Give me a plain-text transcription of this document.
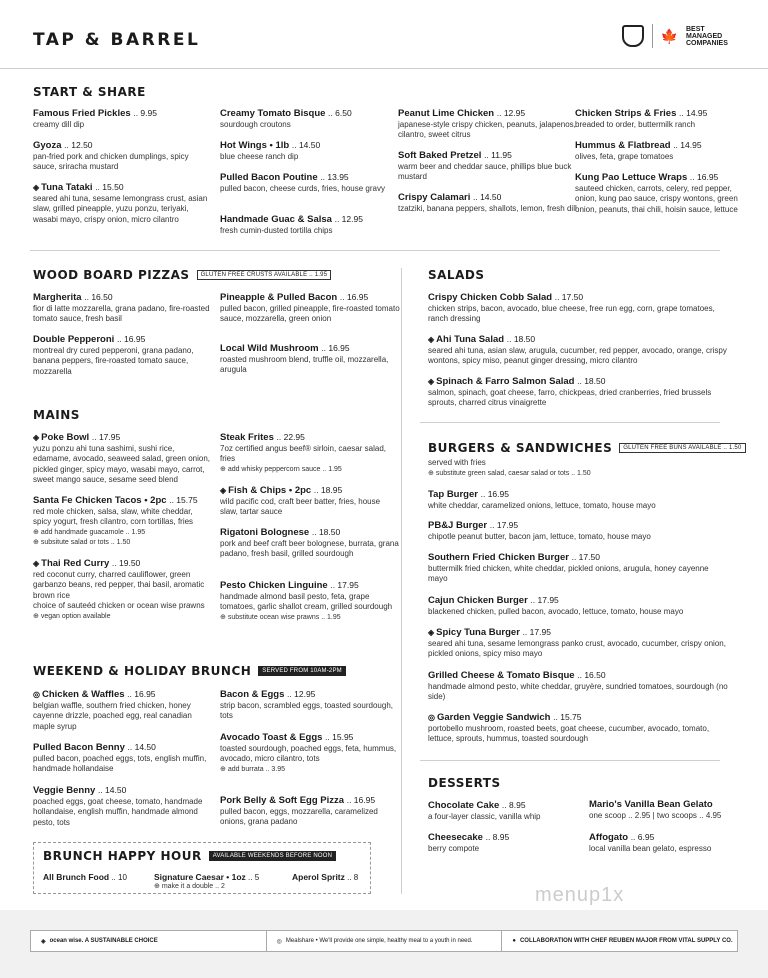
TAP & BARREL	🍁 BEST MANAGED COMPANIES
START & SHARE
Famous Fried Pickles .. 9.95
creamy dill dip
Gyoza .. 12.50
pan-fried pork and chicken dumplings, spicy sauce, sriracha mustard
◈ Tuna Tataki .. 15.50
seared ahi tuna, sesame lemongrass crust, asian slaw, grilled pineapple, yuzu ponzu, teriyaki, wasabi mayo, crispy onion, micro cilantro
Creamy Tomato Bisque .. 6.50
sourdough croutons
Hot Wings • 1lb .. 14.50
blue cheese ranch dip
Pulled Bacon Poutine .. 13.95
pulled bacon, cheese curds, fries, house gravy
Handmade Guac & Salsa .. 12.95
fresh cumin-dusted tortilla chips
Peanut Lime Chicken .. 12.95
japanese-style crispy chicken, peanuts, jalapenos, cilantro, sweet citrus
Soft Baked Pretzel .. 11.95
warm beer and cheddar sauce, phillips blue buck mustard
Crispy Calamari .. 14.50
tzatziki, banana peppers, shallots, lemon, fresh dill
Chicken Strips & Fries .. 14.95
breaded to order, buttermilk ranch
Hummus & Flatbread .. 14.95
olives, feta, grape tomatoes
Kung Pao Lettuce Wraps .. 16.95
sauteed chicken, carrots, celery, red pepper, onion, kung pao sauce, crispy wontons, green onion, peanuts, thai chili, hoisin sauce, lettuce
WOOD BOARD PIZZAS	GLUTEN FREE CRUSTS AVAILABLE .. 1.95
Margherita .. 16.50
fior di latte mozzarella, grana padano, fire-roasted tomato sauce, fresh basil
Double Pepperoni .. 16.95
montreal dry cured pepperoni, grana padano, banana peppers, fire-roasted tomato sauce, mozzarella
Pineapple & Pulled Bacon .. 16.95
pulled bacon, grilled pineapple, fire-roasted tomato sauce, mozzarella, green onion
Local Wild Mushroom .. 16.95
roasted mushroom blend, truffle oil, mozzarella, arugula
MAINS
◈ Poke Bowl .. 17.95
yuzu ponzu ahi tuna sashimi, sushi rice, edamame, avocado, seaweed salad, green onion, pickled ginger, spicy mayo, wasabi mayo, carrot, sweet mango sauce, sesame seed blend
Santa Fe Chicken Tacos • 2pc .. 15.75
red mole chicken, salsa, slaw, white cheddar, spicy yogurt, fresh cilantro, corn tortillas, fries
⊕ add handmade guacamole .. 1.95
⊕ subsitute salad or tots .. 1.50
◈ Thai Red Curry .. 19.50
red coconut curry, charred cauliflower, green garbanzo beans, red pepper, thai basil, aromatic brown rice
choice of sauteéd chicken or ocean wise prawns
⊕ vegan option available
Steak Frites .. 22.95
7oz certified angus beef® sirloin, caesar salad, fries
⊕ add whisky peppercorn sauce .. 1.95
◈ Fish & Chips • 2pc .. 18.95
wild pacific cod, craft beer batter, fries, house slaw, tartar sauce
Rigatoni Bolognese .. 18.50
pork and beef craft beer bolognese, burrata, grana padano, fresh basil, grilled sourdough
Pesto Chicken Linguine .. 17.95
handmade almond basil pesto, feta, grape tomatoes, garlic shallot cream, grilled sourdough
⊕ substitute ocean wise prawns .. 1.95
WEEKEND & HOLIDAY BRUNCH	SERVED FROM 10AM-2PM
◎ Chicken & Waffles .. 16.95
belgian waffle, southern fried chicken, honey cayenne drizzle, poached egg, real canadian maple syrup
Pulled Bacon Benny .. 14.50
pulled bacon, poached eggs, tots, english muffin, handmade hollandaise
Veggie Benny .. 14.50
poached eggs, goat cheese, tomato, handmade hollandaise, english muffin, handmade almond pesto, tots
Bacon & Eggs .. 12.95
strip bacon, scrambled eggs, toasted sourdough, tots
Avocado Toast & Eggs .. 15.95
toasted sourdough, poached eggs, feta, hummus, avocado, micro cilantro, tots
⊕ add burrata .. 3.95
Pork Belly & Soft Egg Pizza .. 16.95
pulled bacon, eggs, mozzarella, caramelized onions, grana padano
BRUNCH HAPPY HOUR	AVAILABLE WEEKENDS BEFORE NOON
All Brunch Food .. 10	Signature Caesar • 1oz .. 5
⊕ make it a double .. 2
Aperol Spritz .. 8
SALADS
Crispy Chicken Cobb Salad .. 17.50
chicken strips, bacon, avocado, blue cheese, free run egg, corn, grape tomatoes, ranch dressing
◈ Ahi Tuna Salad .. 18.50
seared ahi tuna, asian slaw, arugula, cucumber, red pepper, avocado, orange, crispy wontons, spicy miso, peanut ginger dressing, micro cilantro
◈ Spinach & Farro Salmon Salad .. 18.50
salmon, spinach, goat cheese, farro, chickpeas, dried cranberries, fried brussels sprouts, charred citrus vinaigrette
BURGERS & SANDWICHES	GLUTEN FREE BUNS AVAILABLE .. 1.50
served with fries
⊕ substitute green salad, caesar salad or tots .. 1.50
Tap Burger .. 16.95
white cheddar, caramelized onions, lettuce, tomato, house mayo
PB&J Burger .. 17.95
chipotle peanut butter, bacon jam, lettuce, tomato, house mayo
Southern Fried Chicken Burger .. 17.50
buttermilk fried chicken, white cheddar, pickled onions, arugula, honey cayenne mayo
Cajun Chicken Burger .. 17.95
blackened chicken, pulled bacon, avocado, lettuce, tomato, house mayo
◈ Spicy Tuna Burger .. 17.95
seared ahi tuna, sesame lemongrass panko crust, avocado, cucumber, crispy onion, pickled onions, spicy miso mayo
Grilled Cheese & Tomato Bisque .. 16.50
handmade almond pesto, white cheddar, gruyère, sundried tomatoes, sourdough (no side)
◎ Garden Veggie Sandwich .. 15.75
portobello mushroom, roasted beets, goat cheese, cucumber, avocado, tomato, lettuce, sprouts, hummus, toasted sourdough
DESSERTS
Chocolate Cake .. 8.95
a four-layer classic, vanilla whip
Cheesecake .. 8.95
berry compote
Mario's Vanilla Bean Gelato
one scoop .. 2.95 | two scoops .. 4.95
Affogato .. 6.95
local vanilla bean gelato, espresso
menup1x
◈ ocean wise. A SUSTAINABLE CHOICE	◎ Mealshare • We'll provide one simple, healthy meal to a youth in need.	● COLLABORATION WITH CHEF REUBEN MAJOR FROM VITAL SUPPLY CO.
